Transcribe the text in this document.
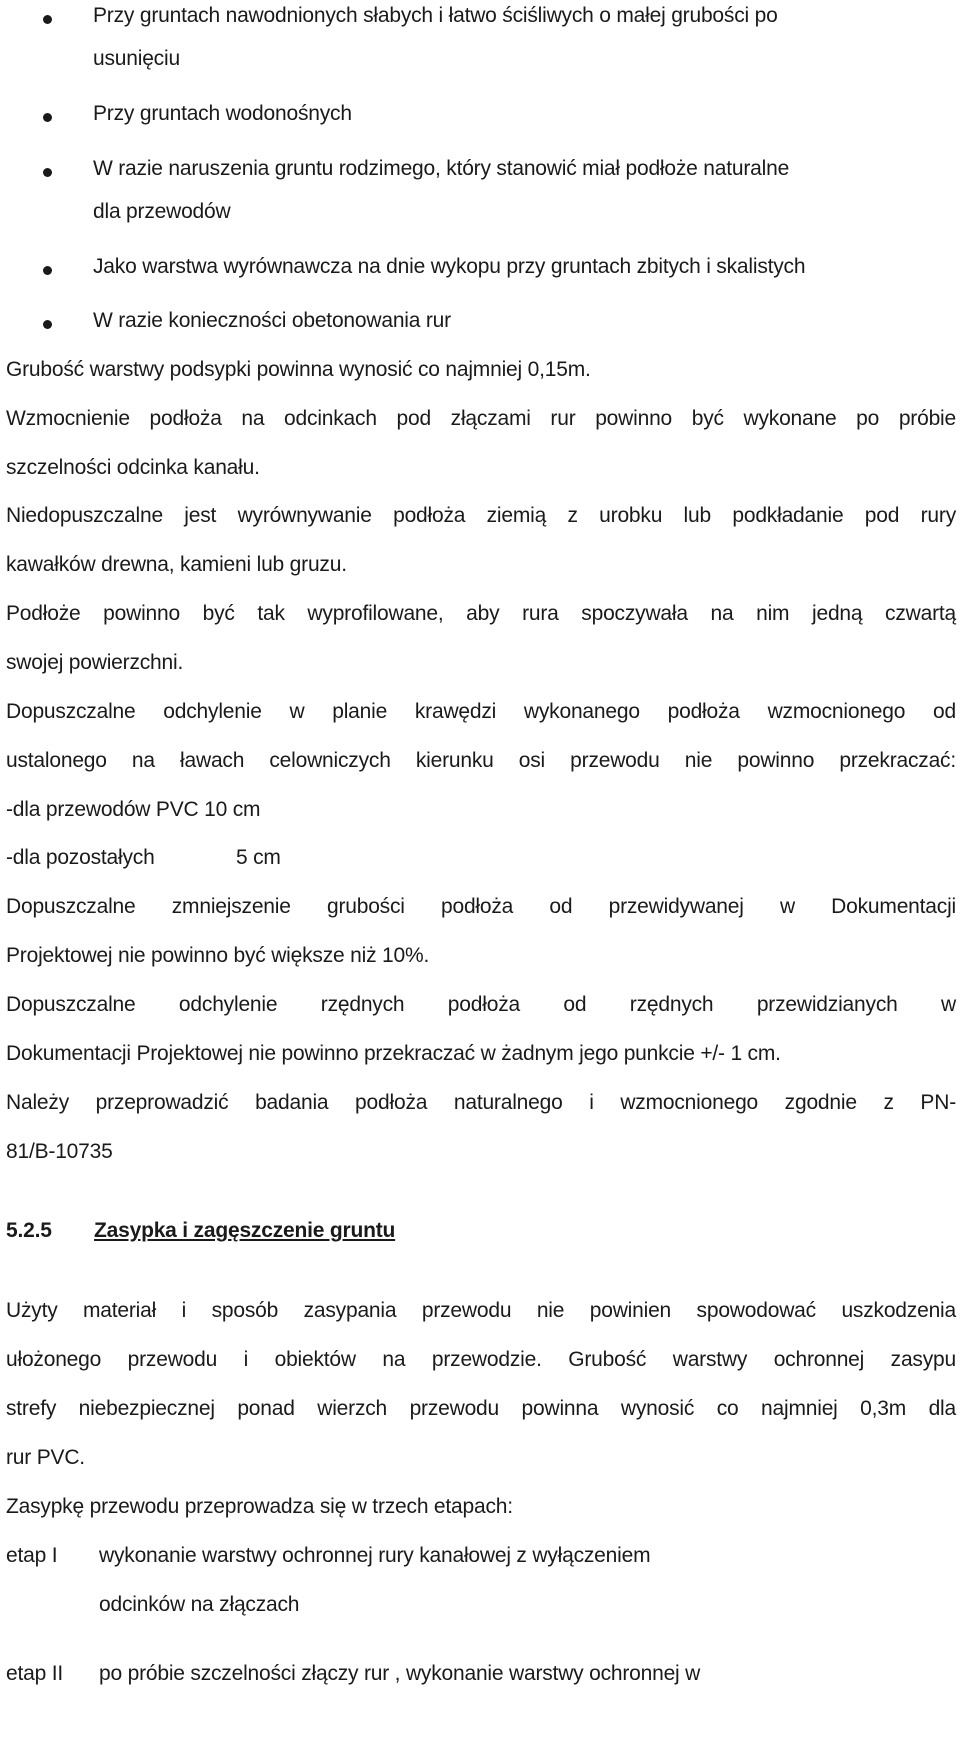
Przy gruntach nawodnionych słabych i łatwo ściśliwych o małej grubości po
usunięciu
Przy gruntach wodonośnych
W razie naruszenia gruntu rodzimego, który stanowić miał podłoże naturalne
dla przewodów
Jako warstwa wyrównawcza na dnie wykopu przy gruntach zbitych i skalistych
W razie konieczności obetonowania rur
Grubość warstwy podsypki powinna wynosić co najmniej 0,15m.
Wzmocnienie podłoża na odcinkach pod złączami rur powinno być wykonane po próbie
szczelności odcinka kanału.
Niedopuszczalne jest wyrównywanie podłoża ziemią z urobku lub podkładanie pod rury
kawałków drewna, kamieni lub gruzu.
Podłoże powinno być tak wyprofilowane, aby rura spoczywała na nim jedną czwartą
swojej powierzchni.
Dopuszczalne odchylenie w planie krawędzi wykonanego podłoża wzmocnionego od
ustalonego na ławach celowniczych kierunku osi przewodu nie powinno przekraczać:
-dla przewodów PVC 10 cm
-dla pozostałych	5 cm
Dopuszczalne zmniejszenie grubości podłoża od przewidywanej w Dokumentacji
Projektowej nie powinno być większe niż 10%.
Dopuszczalne odchylenie rzędnych podłoża od rzędnych przewidzianych w
Dokumentacji Projektowej nie powinno przekraczać w żadnym jego punkcie +/- 1 cm.
Należy przeprowadzić badania podłoża naturalnego i wzmocnionego zgodnie z PN-
81/B-10735
5.2.5 Zasypka i zagęszczenie gruntu
Użyty materiał i sposób zasypania przewodu nie powinien spowodować uszkodzenia
ułożonego przewodu i obiektów na przewodzie. Grubość warstwy ochronnej zasypu
strefy niebezpiecznej ponad wierzch przewodu powinna wynosić co najmniej 0,3m dla
rur PVC.
Zasypkę przewodu przeprowadza się w trzech etapach:
etap I wykonanie warstwy ochronnej rury kanałowej z wyłączeniem
odcinków na złączach
etap II po próbie szczelności złączy rur , wykonanie warstwy ochronnej w
